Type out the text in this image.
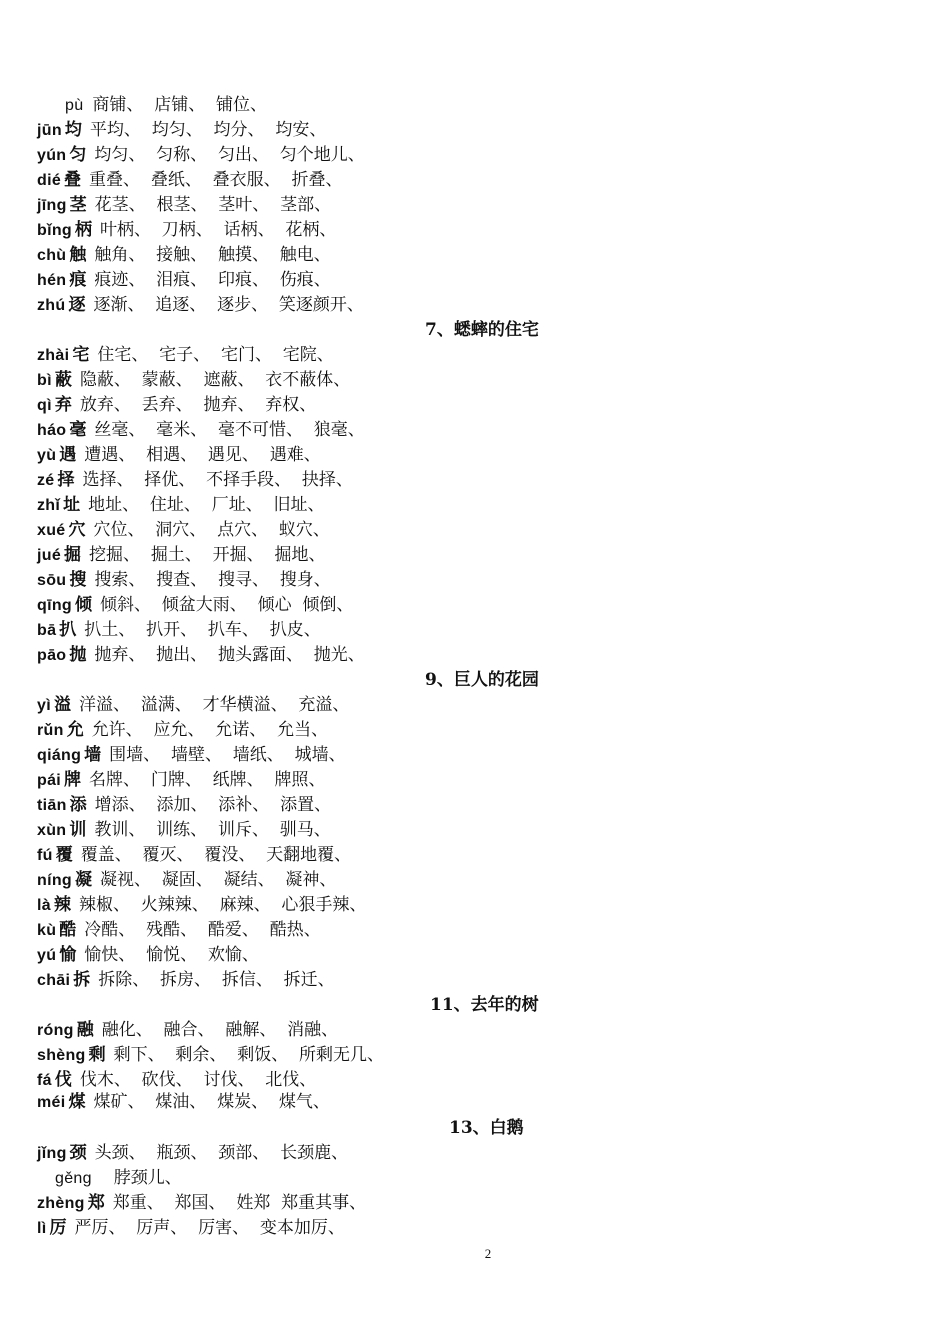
pù 商铺、  店铺、  铺位、
jūn 均 平均、  均匀、  均分、  均安、
yún 匀 均匀、  匀称、  匀出、  匀个地儿、
dié 叠 重叠、  叠纸、  叠衣服、  折叠、
jīng 茎 花茎、  根茎、  茎叶、  茎部、
bǐng 柄 叶柄、  刀柄、  话柄、  花柄、
chù 触 触角、  接触、  触摸、  触电、
hén 痕 痕迹、  泪痕、  印痕、  伤痕、
zhú 逐 逐渐、  追逐、  逐步、  笑逐颜开、
7、蟋蟀的住宅
zhài 宅 住宅、  宅子、  宅门、  宅院、
bì 蔽 隐蔽、  蒙蔽、  遮蔽、  衣不蔽体、
qì 弃 放弃、  丢弃、  抛弃、  弃权、
háo 毫 丝毫、  毫米、  毫不可惜、  狼毫、
yù 遇 遭遇、  相遇、  遇见、  遇难、
zé 择 选择、  择优、  不择手段、  抉择、
zhǐ 址 地址、  住址、  厂址、  旧址、
xué 穴 穴位、  洞穴、  点穴、  蚁穴、
jué 掘 挖掘、  掘土、  开掘、  掘地、
sōu 搜 搜索、  搜查、  搜寻、  搜身、
qīng 倾 倾斜、  倾盆大雨、  倾心  倾倒、
bā 扒 扒土、  扒开、  扒车、  扒皮、
pāo 抛 抛弃、  抛出、  抛头露面、  抛光、
9、巨人的花园
yì 溢 洋溢、  溢满、  才华横溢、  充溢、
rǔn 允 允许、  应允、  允诺、  允当、
qiáng 墙 围墙、  墙壁、  墙纸、  城墙、
pái 牌 名牌、  门牌、  纸牌、  牌照、
tiān 添 增添、  添加、  添补、  添置、
xùn 训 教训、  训练、  训斥、  驯马、
fú 覆 覆盖、  覆灭、  覆没、  天翻地覆、
níng 凝 凝视、  凝固、  凝结、  凝神、
là 辣 辣椒、  火辣辣、  麻辣、  心狠手辣、
kù 酷 冷酷、  残酷、  酷爱、  酷热、
yú 愉 愉快、  愉悦、  欢愉、
chāi 拆 拆除、  拆房、  拆信、  拆迁、
11、去年的树
róng 融 融化、  融合、  融解、  消融、
shèng 剩 剩下、  剩余、  剩饭、  所剩无几、
fá 伐 伐木、  砍伐、  讨伐、  北伐、
méi 煤 煤矿、  煤油、  煤炭、  煤气、
13、白鹅
jǐng 颈 头颈、  瓶颈、  颈部、  长颈鹿、
gěng 脖颈儿、
zhèng 郑 郑重、  郑国、  姓郑  郑重其事、
lì 厉 严厉、  厉声、  厉害、  变本加厉、
2
